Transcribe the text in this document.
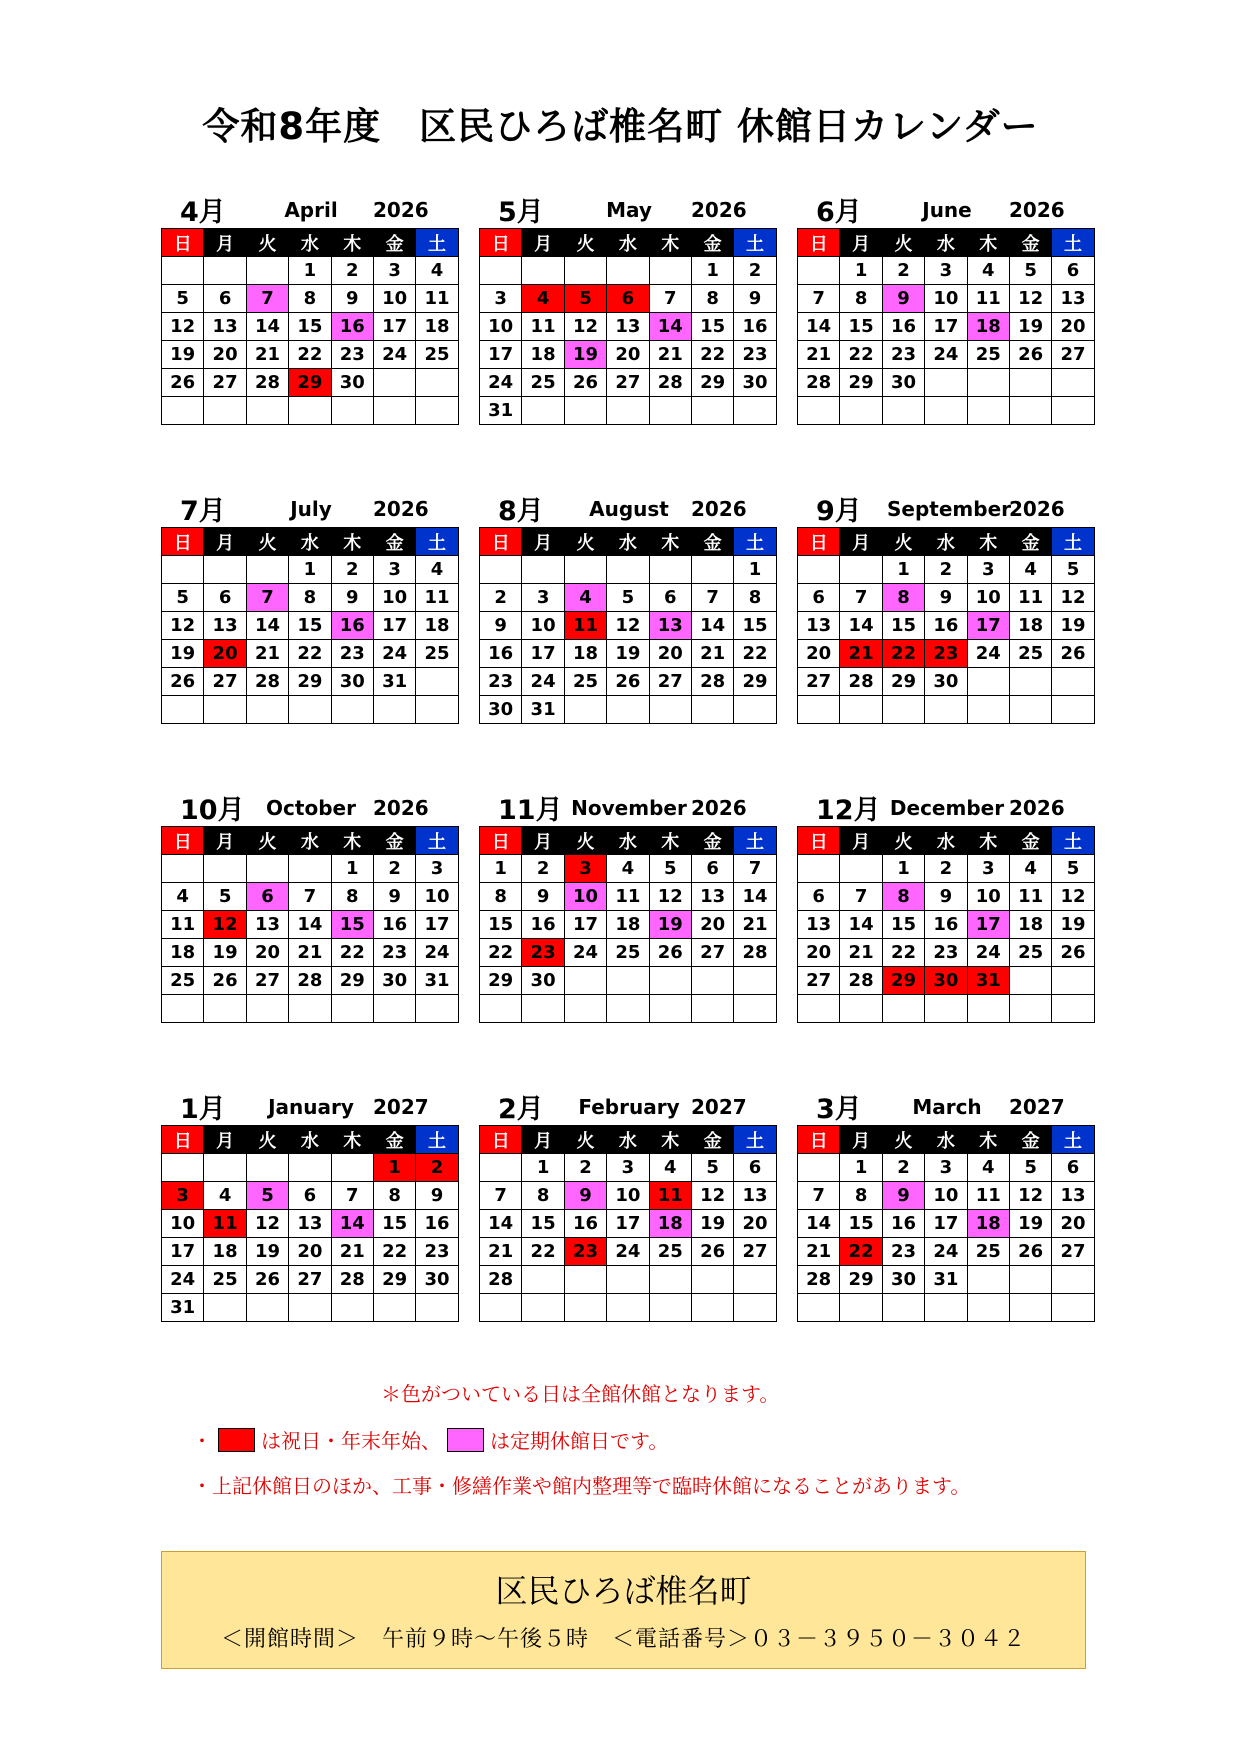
令和8年度　区民ひろば椎名町 休館日カレンダー
4月	April	2026
日	月	火	水	木	金	土
			1	2	3	4
5	6	7	8	9	10	11
12	13	14	15	16	17	18
19	20	21	22	23	24	25
26	27	28	29	30		

5月	May	2026
日	月	火	水	木	金	土
					1	2
3	4	5	6	7	8	9
10	11	12	13	14	15	16
17	18	19	20	21	22	23
24	25	26	27	28	29	30
31						
6月	June	2026
日	月	火	水	木	金	土
	1	2	3	4	5	6
7	8	9	10	11	12	13
14	15	16	17	18	19	20
21	22	23	24	25	26	27
28	29	30				

7月	July	2026
日	月	火	水	木	金	土
			1	2	3	4
5	6	7	8	9	10	11
12	13	14	15	16	17	18
19	20	21	22	23	24	25
26	27	28	29	30	31	

8月	August	2026
日	月	火	水	木	金	土
						1
2	3	4	5	6	7	8
9	10	11	12	13	14	15
16	17	18	19	20	21	22
23	24	25	26	27	28	29
30	31					
9月 September
2026
日	月	火	水	木	金	土
		1	2	3	4	5
6	7	8	9	10	11	12
13	14	15	16	17	18	19
20	21	22	23	24	25	26
27	28	29	30			

10月	October 2026
日	月	火	水	木	金	土
				1	2	3
4	5	6	7	8	9	10
11	12	13	14	15	16	17
18	19	20	21	22	23	24
25	26	27	28	29	30	31

11月 November 2026
日	月	火	水	木	金	土
1	2	3	4	5	6	7
8	9	10	11	12	13	14
15	16	17	18	19	20	21
22	23	24	25	26	27	28
29	30					

12月 December 2026
日	月	火	水	木	金	土
		1	2	3	4	5
6	7	8	9	10	11	12
13	14	15	16	17	18	19
20	21	22	23	24	25	26
27	28	29	30	31		

1月	January 2027
日	月	火	水	木	金	土
					1	2
3	4	5	6	7	8	9
10	11	12	13	14	15	16
17	18	19	20	21	22	23
24	25	26	27	28	29	30
31						
2月	February 2027
日	月	火	水	木	金	土
	1	2	3	4	5	6
7	8	9	10	11	12	13
14	15	16	17	18	19	20
21	22	23	24	25	26	27
28						

3月	March	2027
日	月	火	水	木	金	土
	1	2	3	4	5	6
7	8	9	10	11	12	13
14	15	16	17	18	19	20
21	22	23	24	25	26	27
28	29	30	31			

＊色がついている日は全館休館となります。
・ は祝日・年末年始、 は定期休館日です。
・上記休館日のほか、工事・修繕作業や館内整理等で臨時休館になることがあります。
区民ひろば椎名町
＜開館時間＞　午前９時～午後５時　＜電話番号＞０３－３９５０－３０４２
